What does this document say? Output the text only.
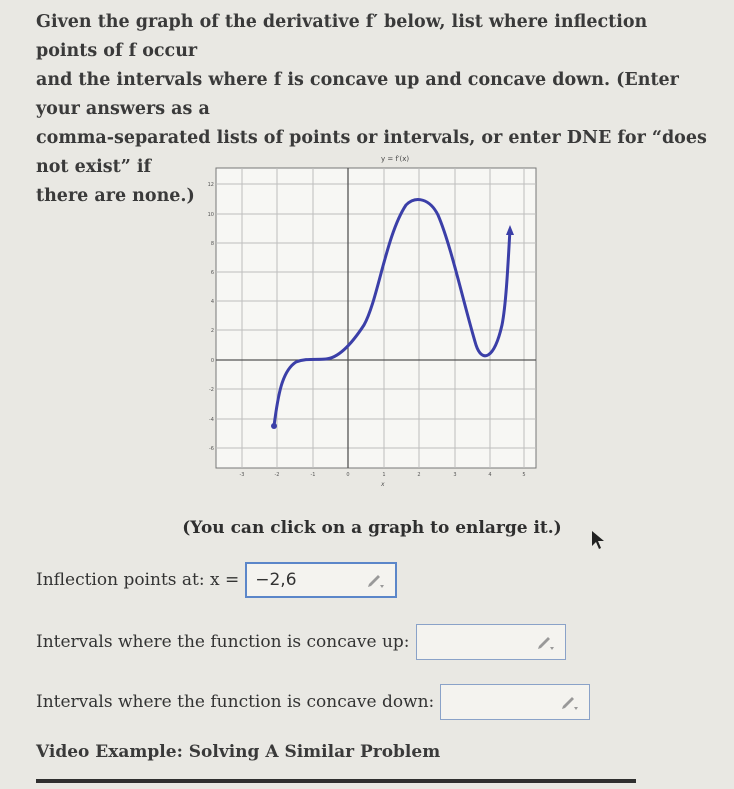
Given the graph of the derivative f′ below, list where inflection points of f occur

and the intervals where f is concave up and concave down. (Enter your answers as a

comma-separated lists of points or intervals, or enter DNE for “does not exist” if

there are none.)

y = f′(x)
12
10
8
6
4
2
0
-2
-4
-6
-3	-2	-1	0	1	2	3	4	5
x
(You can click on a graph to enlarge it.)
Inflection points at: x = −2,6
Intervals where the function is concave up:
Intervals where the function is concave down:
Video Example: Solving A Similar Problem
